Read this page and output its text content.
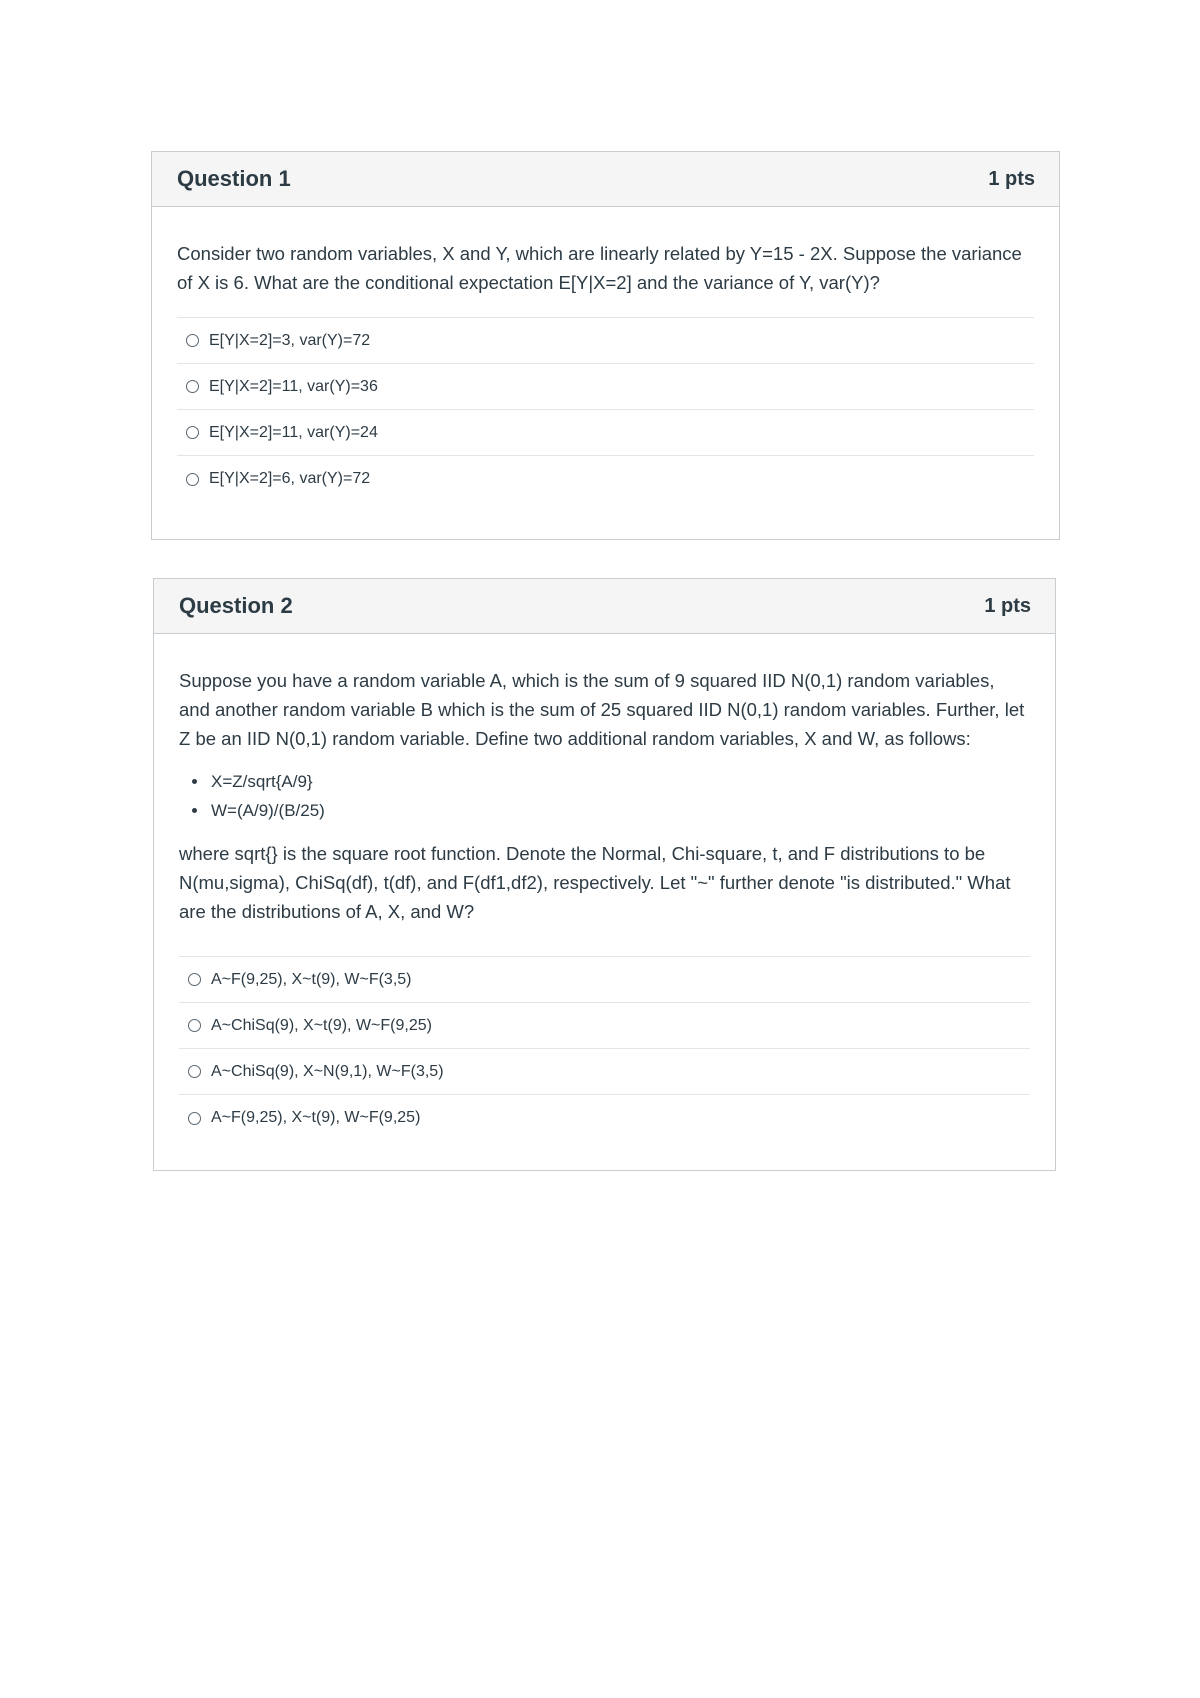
Question 1	1 pts

Consider two random variables, X and Y, which are linearly related by Y=15 - 2X. Suppose the variance of X is 6. What are the conditional expectation E[Y|X=2] and the variance of Y, var(Y)?

E[Y|X=2]=3, var(Y)=72
E[Y|X=2]=11, var(Y)=36
E[Y|X=2]=11, var(Y)=24
E[Y|X=2]=6, var(Y)=72
Question 2	1 pts

Suppose you have a random variable A, which is the sum of 9 squared IID N(0,1) random variables, and another random variable B which is the sum of 25 squared IID N(0,1) random variables. Further, let Z be an IID N(0,1) random variable. Define two additional random variables, X and W, as follows:

• X=Z/sqrt{A/9}
• W=(A/9)/(B/25)

where sqrt{} is the square root function. Denote the Normal, Chi-square, t, and F distributions to be N(mu,sigma), ChiSq(df), t(df), and F(df1,df2), respectively. Let "~" further denote "is distributed." What are the distributions of A, X, and W?

A~F(9,25), X~t(9), W~F(3,5)
A~ChiSq(9), X~t(9), W~F(9,25)
A~ChiSq(9), X~N(9,1), W~F(3,5)
A~F(9,25), X~t(9), W~F(9,25)
